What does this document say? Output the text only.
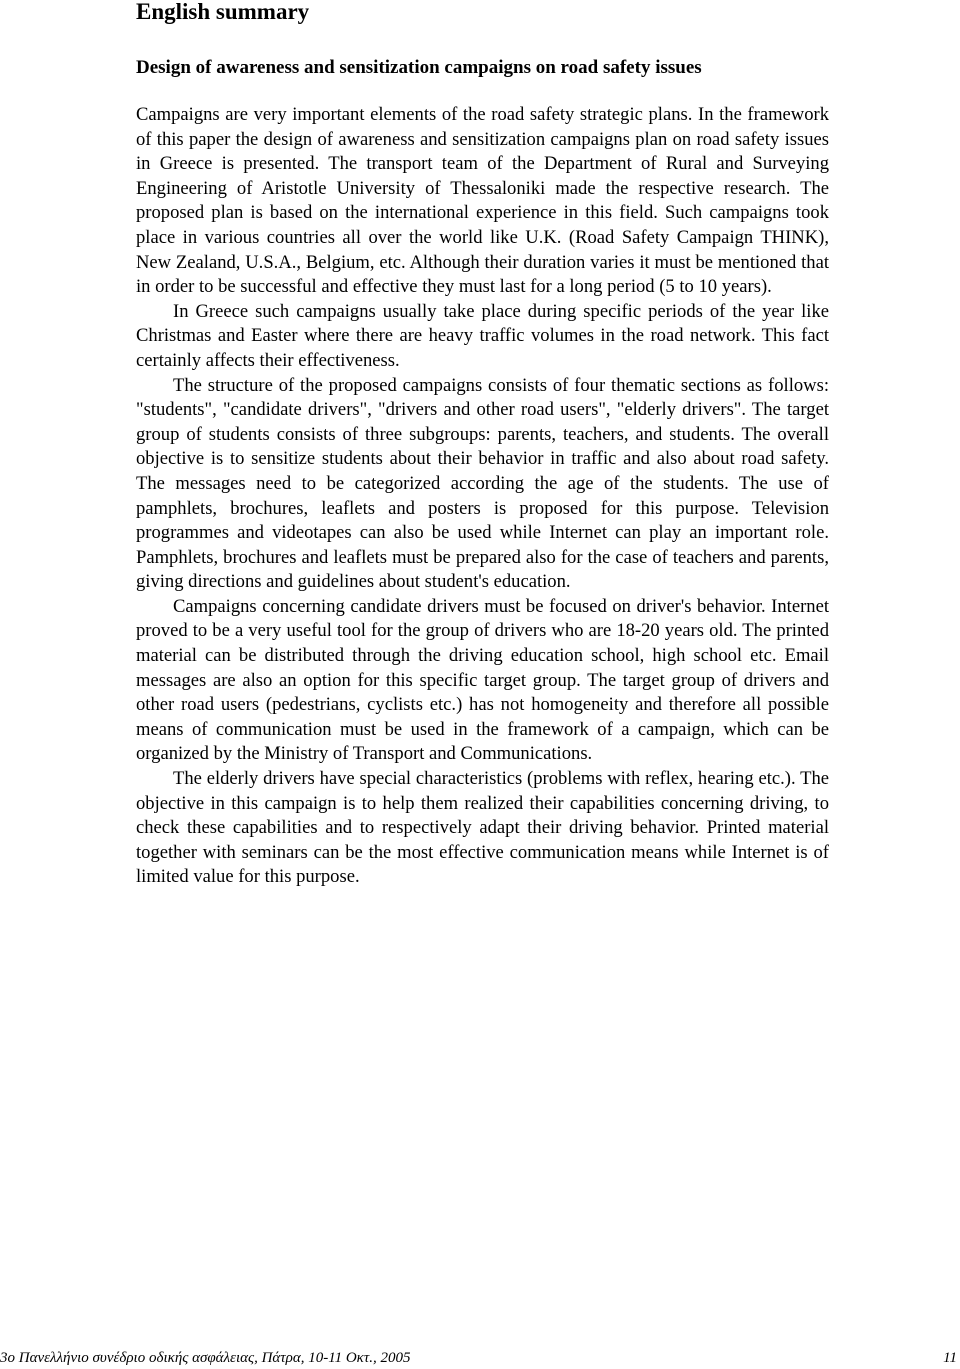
English summary
Design of awareness and sensitization campaigns on road safety issues

Campaigns are very important elements of the road safety strategic plans. In the framework of this paper the design of awareness and sensitization campaigns plan on road safety issues in Greece is presented. The transport team of the Department of Rural and Surveying Engineering of Aristotle University of Thessaloniki made the respective research. The proposed plan is based on the international experience in this field. Such campaigns took place in various countries all over the world like U.K. (Road Safety Campaign THINK), New Zealand, U.S.A., Belgium, etc. Although their duration varies it must be mentioned that in order to be successful and effective they must last for a long period (5 to 10 years).

In Greece such campaigns usually take place during specific periods of the year like Christmas and Easter where there are heavy traffic volumes in the road network. This fact certainly affects their effectiveness.

The structure of the proposed campaigns consists of four thematic sections as follows: "students", "candidate drivers", "drivers and other road users", "elderly drivers". The target group of students consists of three subgroups: parents, teachers, and students. The overall objective is to sensitize students about their behavior in traffic and also about road safety. The messages need to be categorized according the age of the students. The use of pamphlets, brochures, leaflets and posters is proposed for this purpose. Television programmes and videotapes can also be used while Internet can play an important role. Pamphlets, brochures and leaflets must be prepared also for the case of teachers and parents, giving directions and guidelines about student's education.

Campaigns concerning candidate drivers must be focused on driver's behavior. Internet proved to be a very useful tool for the group of drivers who are 18-20 years old. The printed material can be distributed through the driving education school, high school etc. Email messages are also an option for this specific target group. The target group of drivers and other road users (pedestrians, cyclists etc.) has not homogeneity and therefore all possible means of communication must be used in the framework of a campaign, which can be organized by the Ministry of Transport and Communications.

The elderly drivers have special characteristics (problems with reflex, hearing etc.). The objective in this campaign is to help them realized their capabilities concerning driving, to check these capabilities and to respectively adapt their driving behavior. Printed material together with seminars can be the most effective communication means while Internet is of limited value for this purpose.

3ο Πανελλήνιο συνέδριο οδικής ασφάλειας, Πάτρα, 10-11 Οκτ., 2005	11
